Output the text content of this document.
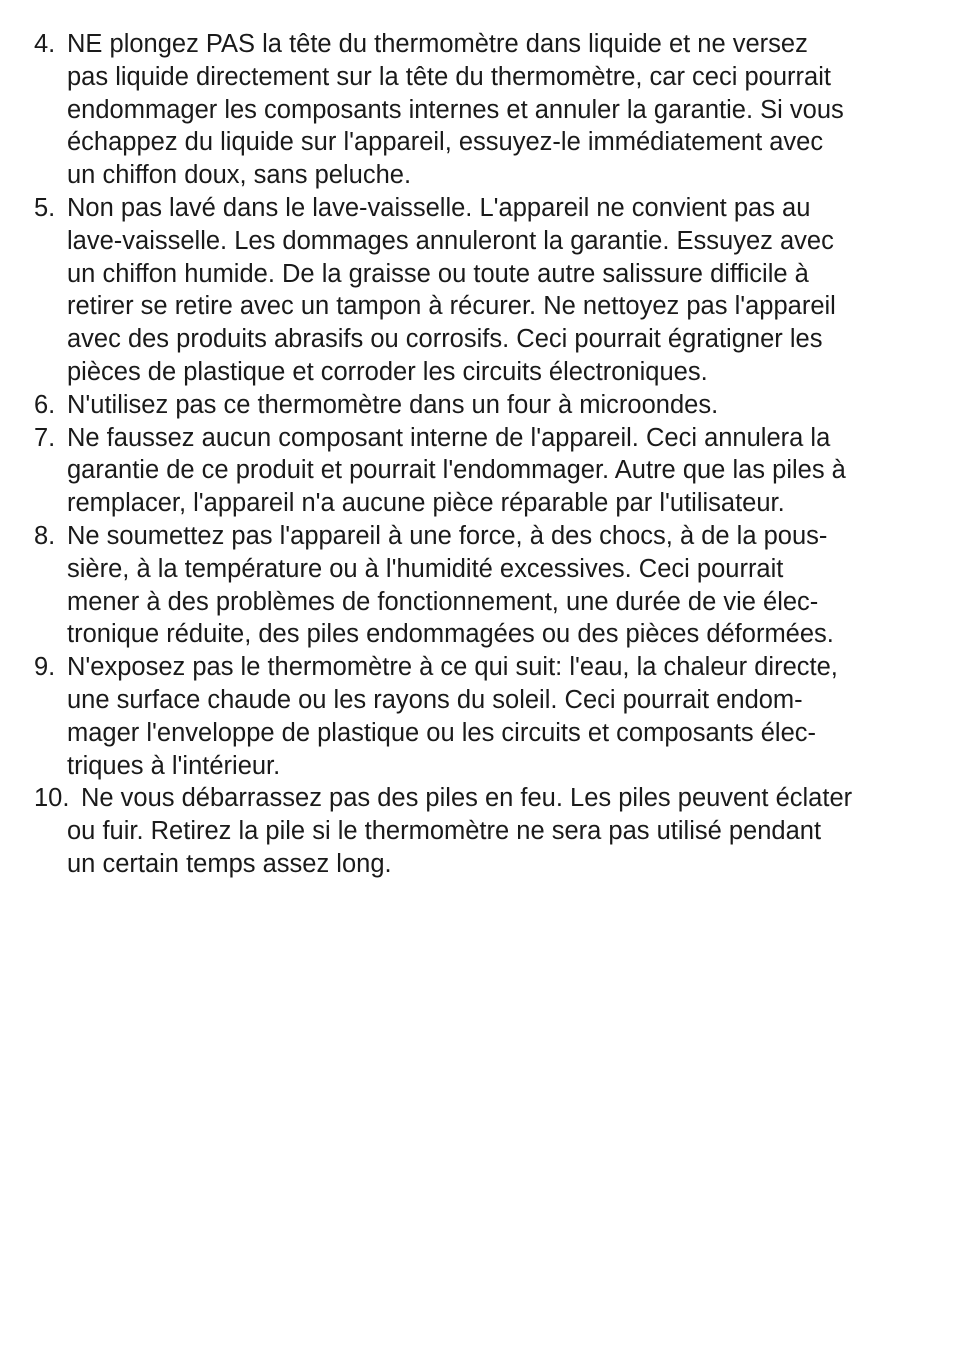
4. NE plongez PAS la tête du thermomètre dans liquide et ne versez
pas liquide directement sur la tête du thermomètre, car ceci pourrait
endommager les composants internes et annuler la garantie. Si vous
échappez du liquide sur l'appareil, essuyez-le immédiatement avec
un chiffon doux, sans peluche.
5. Non pas lavé dans le lave-vaisselle. L'appareil ne convient pas au
lave-vaisselle. Les dommages annuleront la garantie. Essuyez avec
un chiffon humide. De la graisse ou toute autre salissure difficile à
retirer se retire avec un tampon à récurer. Ne nettoyez pas l'appareil
avec des produits abrasifs ou corrosifs. Ceci pourrait égratigner les
pièces de plastique et corroder les circuits électroniques.
6. N'utilisez pas ce thermomètre dans un four à microondes.
7. Ne faussez aucun composant interne de l'appareil. Ceci annulera la
garantie de ce produit et pourrait l'endommager. Autre que las piles à
remplacer, l'appareil n'a aucune pièce réparable par l'utilisateur.
8. Ne soumettez pas l'appareil à une force, à des chocs, à de la pous-
sière, à la température ou à l'humidité excessives. Ceci pourrait
mener à des problèmes de fonctionnement, une durée de vie élec-
tronique réduite, des piles endommagées ou des pièces déformées.
9. N'exposez pas le thermomètre à ce qui suit: l'eau, la chaleur directe,
une surface chaude ou les rayons du soleil. Ceci pourrait endom-
mager l'enveloppe de plastique ou les circuits et composants élec-
triques à l'intérieur.
10. Ne vous débarrassez pas des piles en feu. Les piles peuvent éclater
ou fuir. Retirez la pile si le thermomètre ne sera pas utilisé pendant
un certain temps assez long.
